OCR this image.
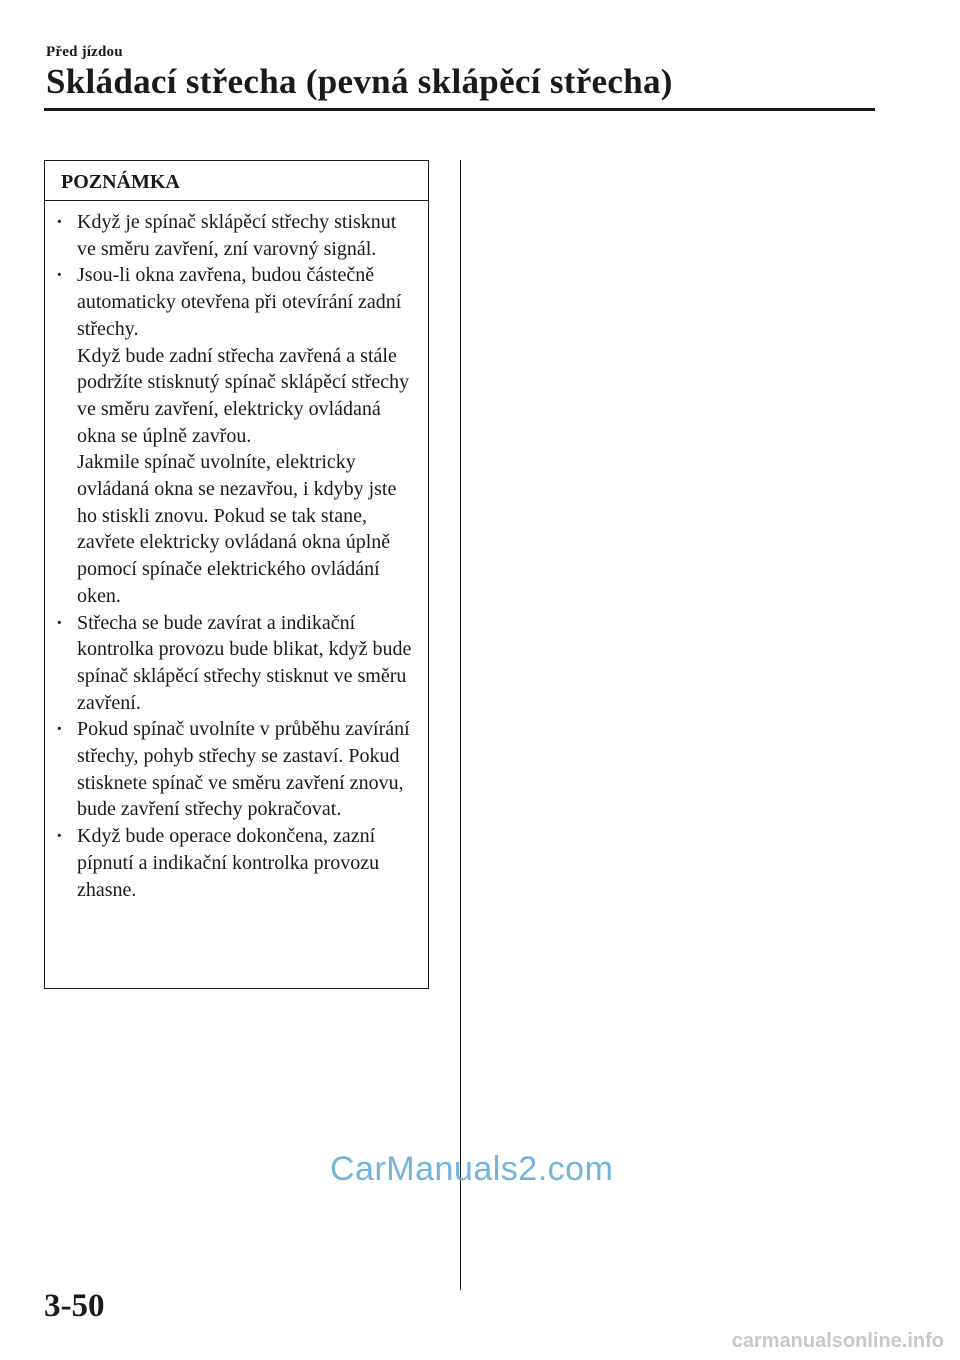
Před jízdou
Skládací střecha (pevná sklápěcí střecha)
POZNÁMKA
· Když je spínač sklápěcí střechy stisknut ve směru zavření, zní varovný signál.
· Jsou-li okna zavřena, budou částečně automaticky otevřena při otevírání zadní střechy.
Když bude zadní střecha zavřená a stále podržíte stisknutý spínač sklápěcí střechy ve směru zavření, elektricky ovládaná okna se úplně zavřou.
Jakmile spínač uvolníte, elektricky ovládaná okna se nezavřou, i kdyby jste ho stiskli znovu. Pokud se tak stane, zavřete elektricky ovládaná okna úplně pomocí spínače elektrického ovládání oken.
· Střecha se bude zavírat a indikační kontrolka provozu bude blikat, když bude spínač sklápěcí střechy stisknut ve směru zavření.
· Pokud spínač uvolníte v průběhu zavírání střechy, pohyb střechy se zastaví. Pokud stisknete spínač ve směru zavření znovu, bude zavření střechy pokračovat.
· Když bude operace dokončena, zazní pípnutí a indikační kontrolka provozu zhasne.
CarManuals2.com
3-50
carmanualsonline.info
